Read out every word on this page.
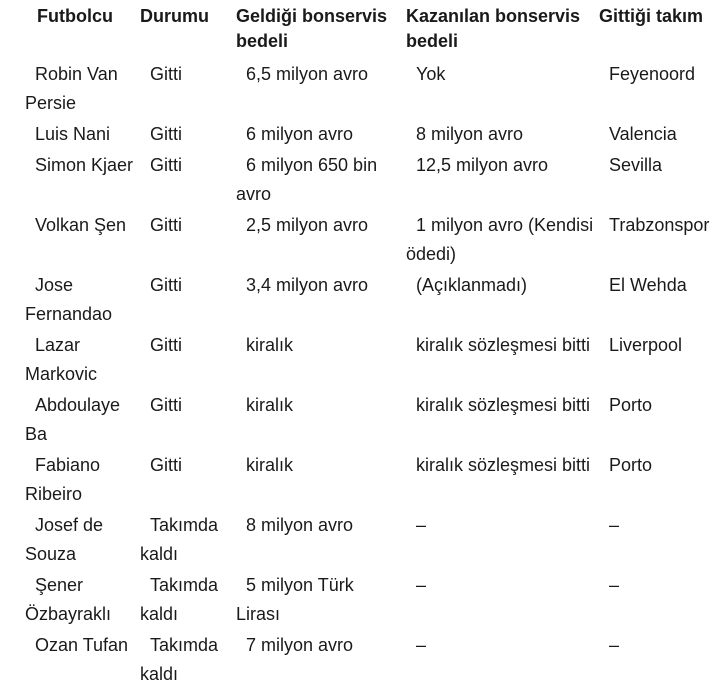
Futbolcu	Durumu	Geldiği bonservis bedeli	Kazanılan bonservis bedeli	Gittiği takım
Robin Van Persie	Gitti	6,5 milyon avro	Yok	Feyenoord
Luis Nani	Gitti	6 milyon avro	8 milyon avro	Valencia
Simon Kjaer	Gitti	6 milyon 650 bin avro	12,5 milyon avro	Sevilla
Volkan Şen	Gitti	2,5 milyon avro	1 milyon avro (Kendisi ödedi)	Trabzonspor
Jose Fernandao	Gitti	3,4 milyon avro	(Açıklanmadı)	El Wehda
Lazar Markovic	Gitti	kiralık	kiralık sözleşmesi bitti	Liverpool
Abdoulaye Ba	Gitti	kiralık	kiralık sözleşmesi bitti	Porto
Fabiano Ribeiro	Gitti	kiralık	kiralık sözleşmesi bitti	Porto
Josef de Souza	Takımda kaldı	8 milyon avro	–	–
Şener Özbayraklı	Takımda kaldı	5 milyon Türk Lirası	–	–
Ozan Tufan	Takımda kaldı	7 milyon avro	–	–
